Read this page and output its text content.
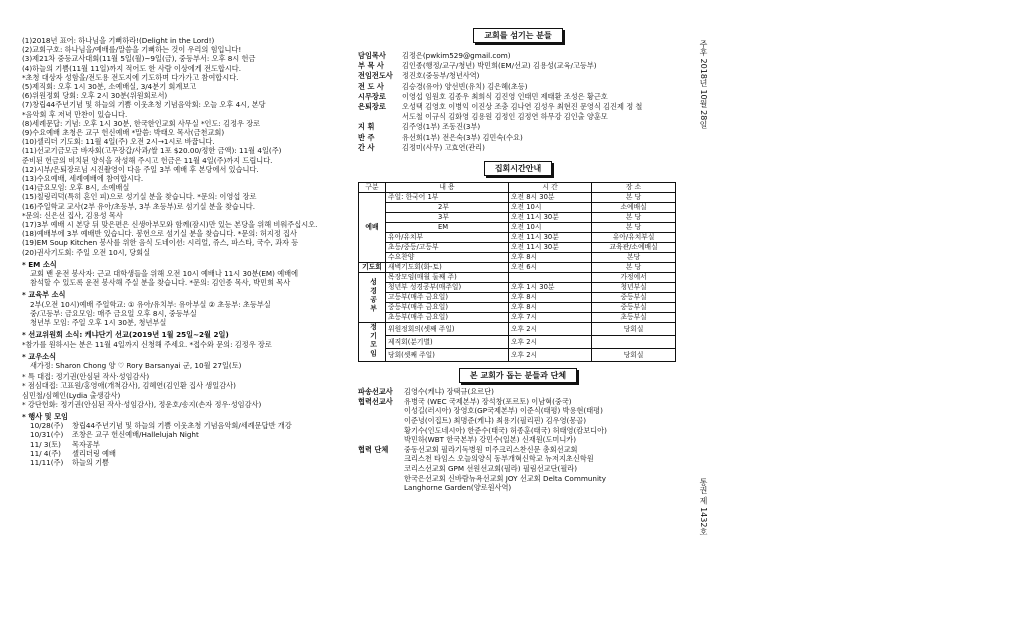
(1)2018년 표어: 하나님을 기뻐하라!(Delight in the Lord!)
(2)교회구호: 하나님을/예배를/말씀을 기뻐하는 것이 우리의 힘입니다!
(3)제21차 중등교사대회(11월 5일(월)~9일(금), 중등부서: 오후 8시 헌금
(4)하늘의 기쁨(11월 11일)까지 적어도 한 사람 이상에게 전도합시다.
*초청 대상자 성함을/전도용 전도지에 기도하며 다가가고 참여합시다.
(5)제직회: 오후 1시 30분, 소예배실, 3/4분기 회계보고
(6)위원정회 당회: 오후 2시 30분(위원회로서)
(7)창립44주년기념 및 하늘의 기쁨 이웃초청 기념음악회: 오늘 오후 4시, 본당
*음악회 후 저녁 만찬이 있습니다.
(8)세례문답: 기념: 오후 1시 30분, 한국한인교회 사무실 *인도: 김정우 장로
(9)수요예배 초청은 교구 헌신예배 *말씀: 박태오 목사(금천교회)
(10)셀리더 기도회: 11월 4일(주) 오전 2시→1시로 바꿉니다.
(11)선교기금모금 바자회(고무장갑/사과/쌀 1포 $20.00/정한 금액): 11월 4일(주)
준비된 헌금의 비치된 양식을 작성해 주시고 헌금은 11월 4일(주)까지 드립니다.
(12)시부/은퇴장로님 시진촬영이 다음 주일 3부 예배 후 본당에서 있습니다.
(13)수요예배, 세례예배에 참여합시다.
(14)금요모임: 오후 8시, 소예배실
(15)칠링리덕(특히 혼인 피)으로 성기실 분을 찾습니다. *문의: 이영섭 장로
(16)주일학교 교사(2부 유아/초등부, 3부 초등부)로 섬기실 분을 찾습니다.
*문의: 신은선 집사, 김용성 목사
(17)3부 예배 시 본당 뒤 맞은편은 신생아부모와 함께(잠시)만 있는 본당을 위해 비워주십시오.
(18)예배부에 3부 예배반 있습니다. 봉헌으로 섬기실 분을 찾습니다. *문의: 허지정 집사
(19)EM Soup Kitchen 봉사를 위한 음식 도네이션: 시리얼, 쥬스, 파스타, 국수, 과자 등
(20)권사기도회: 주일 오전 10시, 당회실
* EM 소식
교회 밴 운전 봉사자: 근교 대학생들을 위해 오전 10시 예배나 11시 30분(EM) 예배에
참석할 수 있도록 운전 봉사해 주실 분을 찾습니다. *문의: 김인종 목사, 박민희 목사
* 교육부 소식
2부(오전 10시)예배 주일학교: ① 유아/유치부: 유아부실 ② 초등부: 초등부실
중/고등부: 금요모임: 매주 금요일 오후 8시, 중등부실
청년부 모임: 주일 오후 1시 30분, 청년부실
* 선교위원회 소식: 케냐단기 선교(2019년 1월 25일~2월 2일)
*참가를 원하시는 분은 11월 4일까지 신청해 주세요. *접수와 문의: 김정우 장로
* 교우소식
새가정: Sharon Chong 양 ♡ Rory Barsanyai 군, 10월 27일(토)
* 특 대접: 정기권(안심된 작사·성임감사)
* 점심대접: 고표원/홍영애(개척감사), 김혜연(김인환 집사 생일감사)
심민철/심혜인(Lydia 출생감사)
* 강단헌화: 정기권(안심된 작사·성임감사), 정운호/송지(손자 정우·성임감사)
* 행사 및 모임
10/28(주)	창립44주년기념 및 하늘의 기쁨 이웃초청 기념음악회/세례문답반 개강
10/31(수)	조창은 교구 헌신예배/Hallelujah Night
11/ 3(토)	목자공부
11/ 4(주)	셀리더링 예배
11/11(주)	하늘의 기쁨
교회를 섬기는 분들
담임목사	김정은(pwkim529@gmail.com)
부 목 사	김인종(행정/교구/청년) 박민희(EM/선교) 김용성(교육/고등부)
전임전도사	정진호(중등부/청년사역)
전 도 사	김승경(유아) 양선빈(유치) 김은혜(초등)
시무장로	이영섭 임원호 김종우 최희식 김진영 인태민 제태환 조성은 황근호
은퇴장로	오성택 김영호 이병익 이진상 조충 김나연 김성우 최현진 문영식 김진제 정 철
서도철 이규식 김화영 김용원 김정인 김정연 하무강 김인출 양훈모
지 휘	김주영(1부) 조동진(3부)
반 주	유선희(1부) 전은숙(3부) 김민숙(수요)
간 사	김정미(사무) 고효연(관리)
집회시간안내
구분	내 용	시 간	장 소
예배	주일: 한국어 1부	오전 8시 30분	본 당
	2부	오전 10시	소예배실
	3부	오전 11시 30분	본 당
	EM	오전 10시	본 당
	유아/유치부	오전 11시 30분	유아/유치부실
	초등/중등/고등부	오전 11시 30분	교육관/소예배실
	수요찬양	오후 8시	본당
기도회	새벽기도회(화-토)	오전 6시	본 당
성경공부	목장모임(매월 둘째 주)		가정에서
	청년부 성경공부(매주일)	오후 1시 30분	청년부실
	고등부(매주 금요일)	오후 8시	중등부실
	중등부(매주 금요일)	오후 8시	중등부실
	초등부(매주 금요일)	오후 7시	초등부실
정기모임	위원정회의(셋째 주일)	오후 2시	당회실
	제직회(분기별)	오후 2시	
	당회(셋째 주일)	오후 2시	당회실
본 교회가 돕는 분들과 단체
파송선교사	김영수(케냐) 장택규(요르단)
협력선교사	유병국 (WEC 국제본부) 장석창(포르토) 이남혁(중국)
이성길(러시아) 장영호(GP국제본부) 이준식(태평) 박용현(태평)
이준녕(이집트) 최명준(케냐) 최용기(필리핀) 김우영(몽골)
황기수(인도네시아) 한준수(태국) 허종훈(태국) 허태영(캄보디아)
박민하(WBT 한국본부) 강민수(일본) 신재원(도미니카)
협력 단체	중동선교회 필라기독병원 미주크리스찬신문 총회선교회
크리스천 타임스 오늘의양식 동부개혁신학교 뉴저지초신학원
코리스선교회 GPM 선원선교회(필라) 필림선교단(필라)
한국은선교회 신바람뉴욕선교회 JOY 선교회 Delta Community
Langhorne Garden(양로원사역)
주후 2018년 10월 28일
통권 제 1432호
